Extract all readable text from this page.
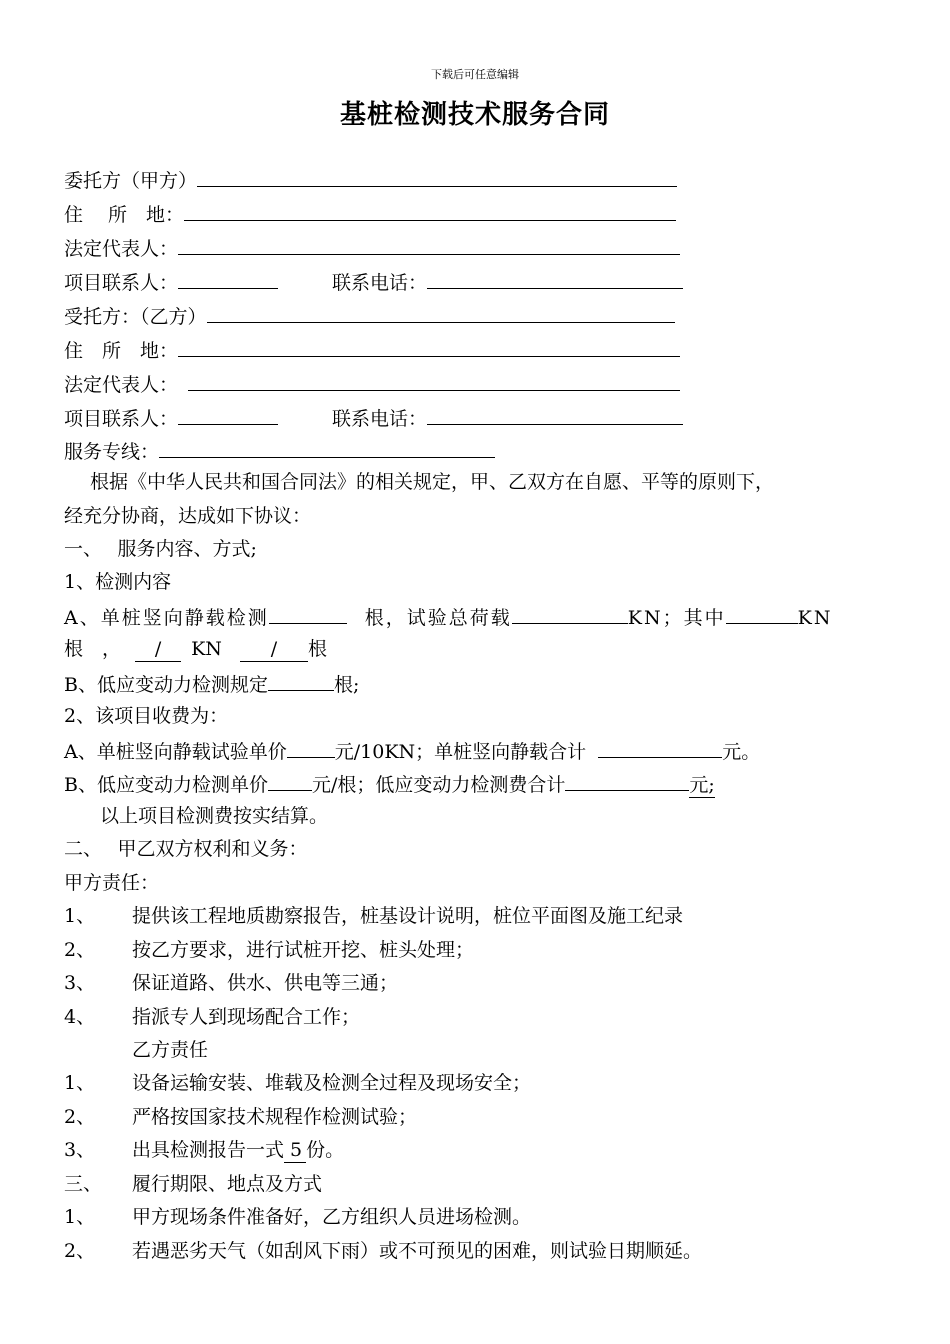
下载后可任意编辑
基桩检测技术服务合同
委托方（甲方）
住　 所　地：
法定代表人：
项目联系人：	联系电话：
受托方：（乙方）
住　所　地：
法定代表人：
项目联系人：	联系电话：
服务专线：
根据《中华人民共和国合同法》的相关规定，甲、乙双方在自愿、平等的原则下，
经充分协商，达成如下协议：
一、　 服务内容、方式;
1、检测内容
A、单桩竖向静载检测	根，试验总荷载	KN；其中	KN
根　， / KN	/ 根
B、低应变动力检测规定	根;
2、该项目收费为：
A、单桩竖向静载试验单价	元/10KN；单桩竖向静载合计	元。
B、低应变动力检测单价 元/根；低应变动力检测费合计	元;
以上项目检测费按实结算。
二、　 甲乙双方权利和义务：
甲方责任：
1、 提供该工程地质勘察报告，桩基设计说明，桩位平面图及施工纪录
2、 按乙方要求，进行试桩开挖、桩头处理；
3、 保证道路、供水、供电等三通；
4、 指派专人到现场配合工作；
乙方责任
1、 设备运输安装、堆载及检测全过程及现场安全；
2、 严格按国家技术规程作检测试验；
3、 出具检测报告一式 5 份。
三、 履行期限、地点及方式
1、 甲方现场条件准备好，乙方组织人员进场检测。
2、 若遇恶劣天气（如刮风下雨）或不可预见的困难，则试验日期顺延。
